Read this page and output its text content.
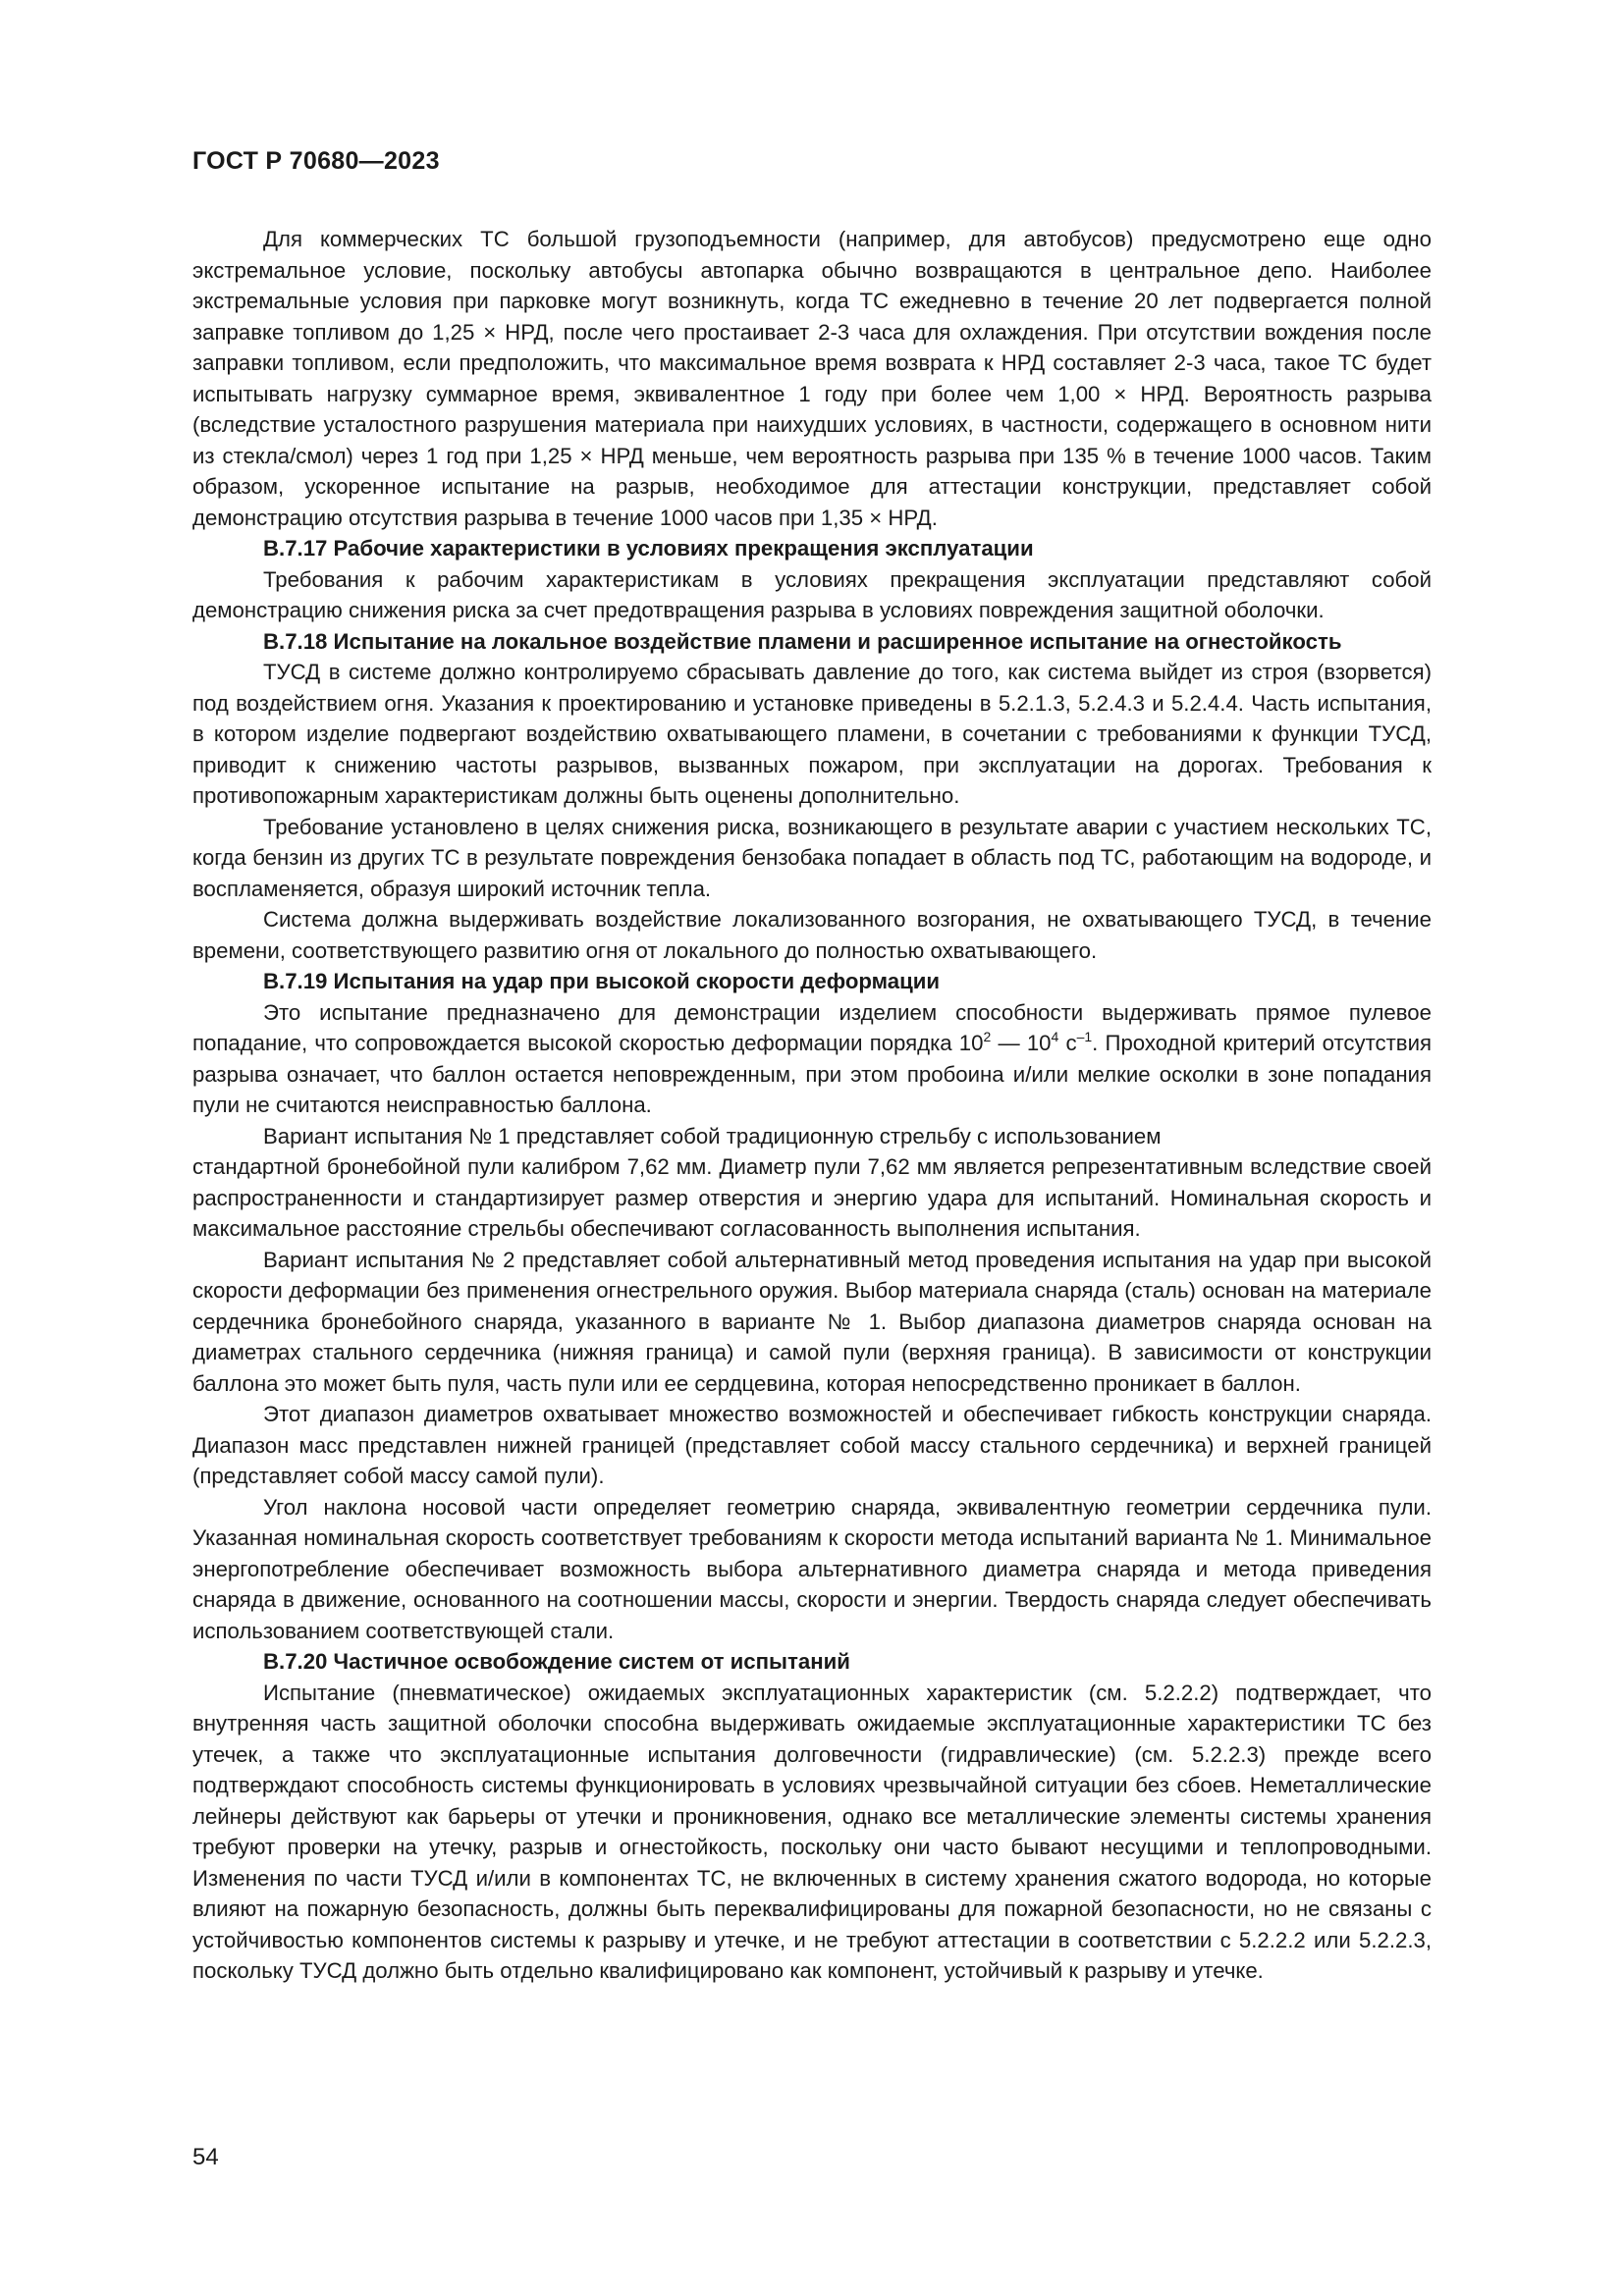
ГОСТ Р 70680—2023

Для коммерческих ТС большой грузоподъемности (например, для автобусов) предусмотрено еще одно экстремальное условие, поскольку автобусы автопарка обычно возвращаются в центральное депо. Наиболее экстремальные условия при парковке могут возникнуть, когда ТС ежедневно в течение 20 лет подвергается полной заправке топливом до 1,25 × НРД, после чего простаивает 2-3 часа для охлаждения. При отсутствии вождения после заправки топливом, если предположить, что максимальное время возврата к НРД составляет 2-3 часа, такое ТС будет испытывать нагрузку суммарное время, эквивалентное 1 году при более чем 1,00 × НРД. Вероятность разрыва (вследствие усталостного разрушения материала при наихудших условиях, в частности, содержащего в основном нити из стекла/смол) через 1 год при 1,25 × НРД меньше, чем вероятность разрыва при 135 % в течение 1000 часов. Таким образом, ускоренное испытание на разрыв, необходимое для аттестации конструкции, представляет собой демонстрацию отсутствия разрыва в течение 1000 часов при 1,35 × НРД.

В.7.17 Рабочие характеристики в условиях прекращения эксплуатации

Требования к рабочим характеристикам в условиях прекращения эксплуатации представляют собой демонстрацию снижения риска за счет предотвращения разрыва в условиях повреждения защитной оболочки.

В.7.18 Испытание на локальное воздействие пламени и расширенное испытание на огнестойкость

ТУСД в системе должно контролируемо сбрасывать давление до того, как система выйдет из строя (взорвется) под воздействием огня. Указания к проектированию и установке приведены в 5.2.1.3, 5.2.4.3 и 5.2.4.4. Часть испытания, в котором изделие подвергают воздействию охватывающего пламени, в сочетании с требованиями к функции ТУСД, приводит к снижению частоты разрывов, вызванных пожаром, при эксплуатации на дорогах. Требования к противопожарным характеристикам должны быть оценены дополнительно.

Требование установлено в целях снижения риска, возникающего в результате аварии с участием нескольких ТС, когда бензин из других ТС в результате повреждения бензобака попадает в область под ТС, работающим на водороде, и воспламеняется, образуя широкий источник тепла.

Система должна выдерживать воздействие локализованного возгорания, не охватывающего ТУСД, в течение времени, соответствующего развитию огня от локального до полностью охватывающего.

В.7.19 Испытания на удар при высокой скорости деформации

Это испытание предназначено для демонстрации изделием способности выдерживать прямое пулевое попадание, что сопровождается высокой скоростью деформации порядка $10^2$ — $10^4$ $с^{-1}$. Проходной критерий отсутствия разрыва означает, что баллон остается неповрежденным, при этом пробоина и/или мелкие осколки в зоне попадания пули не считаются неисправностью баллона.

Вариант испытания № 1 представляет собой традиционную стрельбу с использованием

стандартной бронебойной пули калибром 7,62 мм. Диаметр пули 7,62 мм является репрезентативным вследствие своей распространенности и стандартизирует размер отверстия и энергию удара для испытаний. Номинальная скорость и максимальное расстояние стрельбы обеспечивают согласованность выполнения испытания.

Вариант испытания № 2 представляет собой альтернативный метод проведения испытания на удар при высокой скорости деформации без применения огнестрельного оружия. Выбор материала снаряда (сталь) основан на материале сердечника бронебойного снаряда, указанного в варианте № 1. Выбор диапазона диаметров снаряда основан на диаметрах стального сердечника (нижняя граница) и самой пули (верхняя граница). В зависимости от конструкции баллона это может быть пуля, часть пули или ее сердцевина, которая непосредственно проникает в баллон.

Этот диапазон диаметров охватывает множество возможностей и обеспечивает гибкость конструкции снаряда. Диапазон масс представлен нижней границей (представляет собой массу стального сердечника) и верхней границей (представляет собой массу самой пули).

Угол наклона носовой части определяет геометрию снаряда, эквивалентную геометрии сердечника пули. Указанная номинальная скорость соответствует требованиям к скорости метода испытаний варианта № 1. Минимальное энергопотребление обеспечивает возможность выбора альтернативного диаметра снаряда и метода приведения снаряда в движение, основанного на соотношении массы, скорости и энергии. Твердость снаряда следует обеспечивать использованием соответствующей стали.

В.7.20 Частичное освобождение систем от испытаний

Испытание (пневматическое) ожидаемых эксплуатационных характеристик (см. 5.2.2.2) подтверждает, что внутренняя часть защитной оболочки способна выдерживать ожидаемые эксплуатационные характеристики ТС без утечек, а также что эксплуатационные испытания долговечности (гидравлические) (см. 5.2.2.3) прежде всего подтверждают способность системы функционировать в условиях чрезвычайной ситуации без сбоев. Неметаллические лейнеры действуют как барьеры от утечки и проникновения, однако все металлические элементы системы хранения требуют проверки на утечку, разрыв и огнестойкость, поскольку они часто бывают несущими и теплопроводными. Изменения по части ТУСД и/или в компонентах ТС, не включенных в систему хранения сжатого водорода, но которые влияют на пожарную безопасность, должны быть переквалифицированы для пожарной безопасности, но не связаны с устойчивостью компонентов системы к разрыву и утечке, и не требуют аттестации в соответствии с 5.2.2.2 или 5.2.2.3, поскольку ТУСД должно быть отдельно квалифицировано как компонент, устойчивый к разрыву и утечке.

54
